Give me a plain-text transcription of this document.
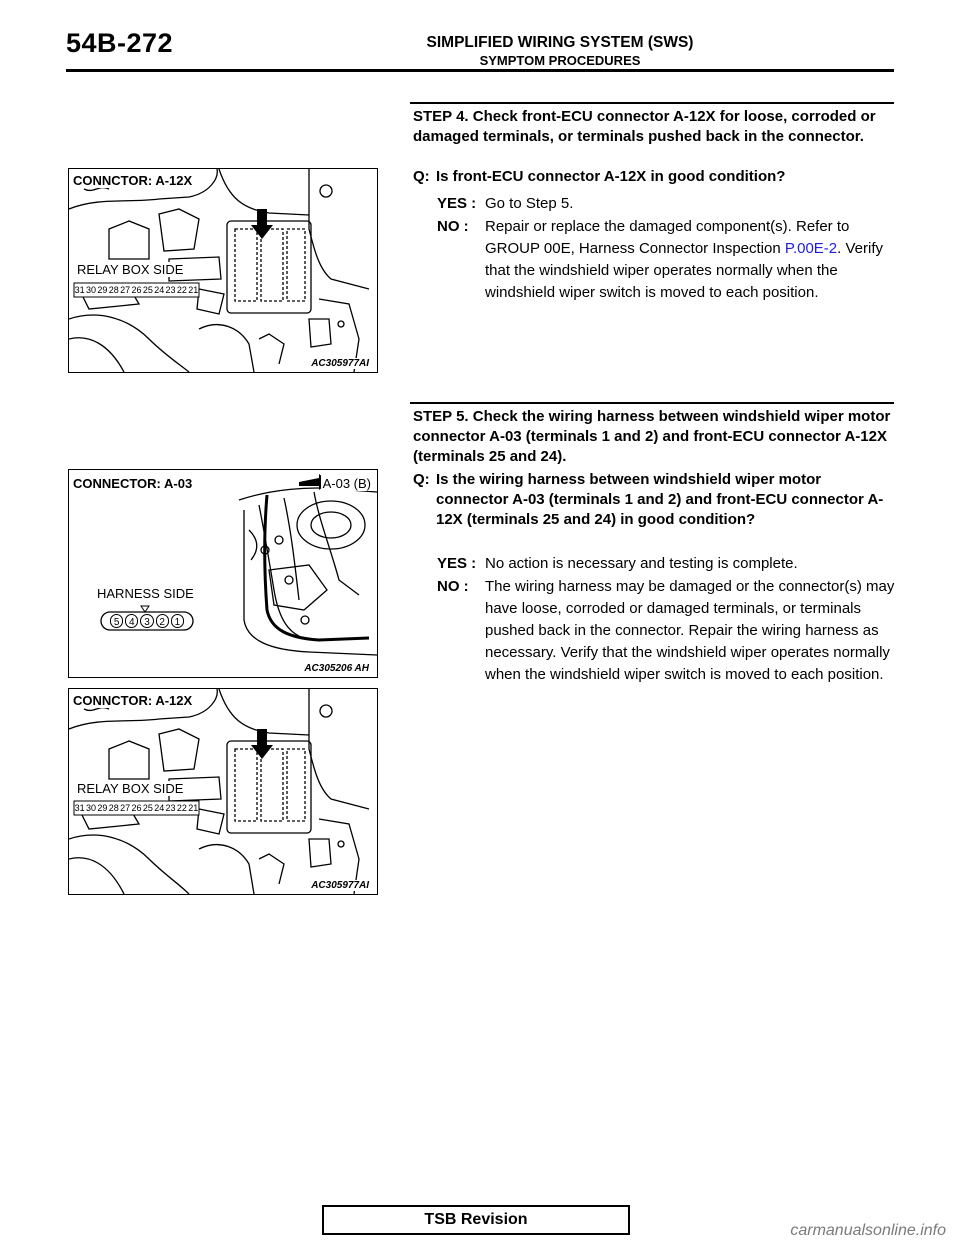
54B-272	SIMPLIFIED WIRING SYSTEM (SWS)
SYMPTOM PROCEDURES
CONNCTOR: A-12X
RELAY BOX SIDE
31 30 29 28 27 26 25 24 23 22 21
AC305977AI
CONNECTOR: A-03	A-03 (B)
HARNESS SIDE
5 4 3 2 1
AC305206 AH
CONNCTOR: A-12X
RELAY BOX SIDE
31 30 29 28 27 26 25 24 23 22 21
AC305977AI
STEP 4. Check front-ECU connector A-12X for loose, corroded or damaged terminals, or terminals pushed back in the connector.
Q: Is front-ECU connector A-12X in good condition?
YES : Go to Step 5.
NO : Repair or replace the damaged component(s). Refer to GROUP 00E, Harness Connector Inspection P.00E-2. Verify that the windshield wiper operates normally when the windshield wiper switch is moved to each position.
STEP 5. Check the wiring harness between windshield wiper motor connector A-03 (terminals 1 and 2) and front-ECU connector A-12X (terminals 25 and 24).
Q: Is the wiring harness between windshield wiper motor connector A-03 (terminals 1 and 2) and front-ECU connector A-12X (terminals 25 and 24) in good condition?
YES : No action is necessary and testing is complete.
NO : The wiring harness may be damaged or the connector(s) may have loose, corroded or damaged terminals, or terminals pushed back in the connector. Repair the wiring harness as necessary. Verify that the windshield wiper operates normally when the windshield wiper switch is moved to each position.
TSB Revision
carmanualsonline.info
